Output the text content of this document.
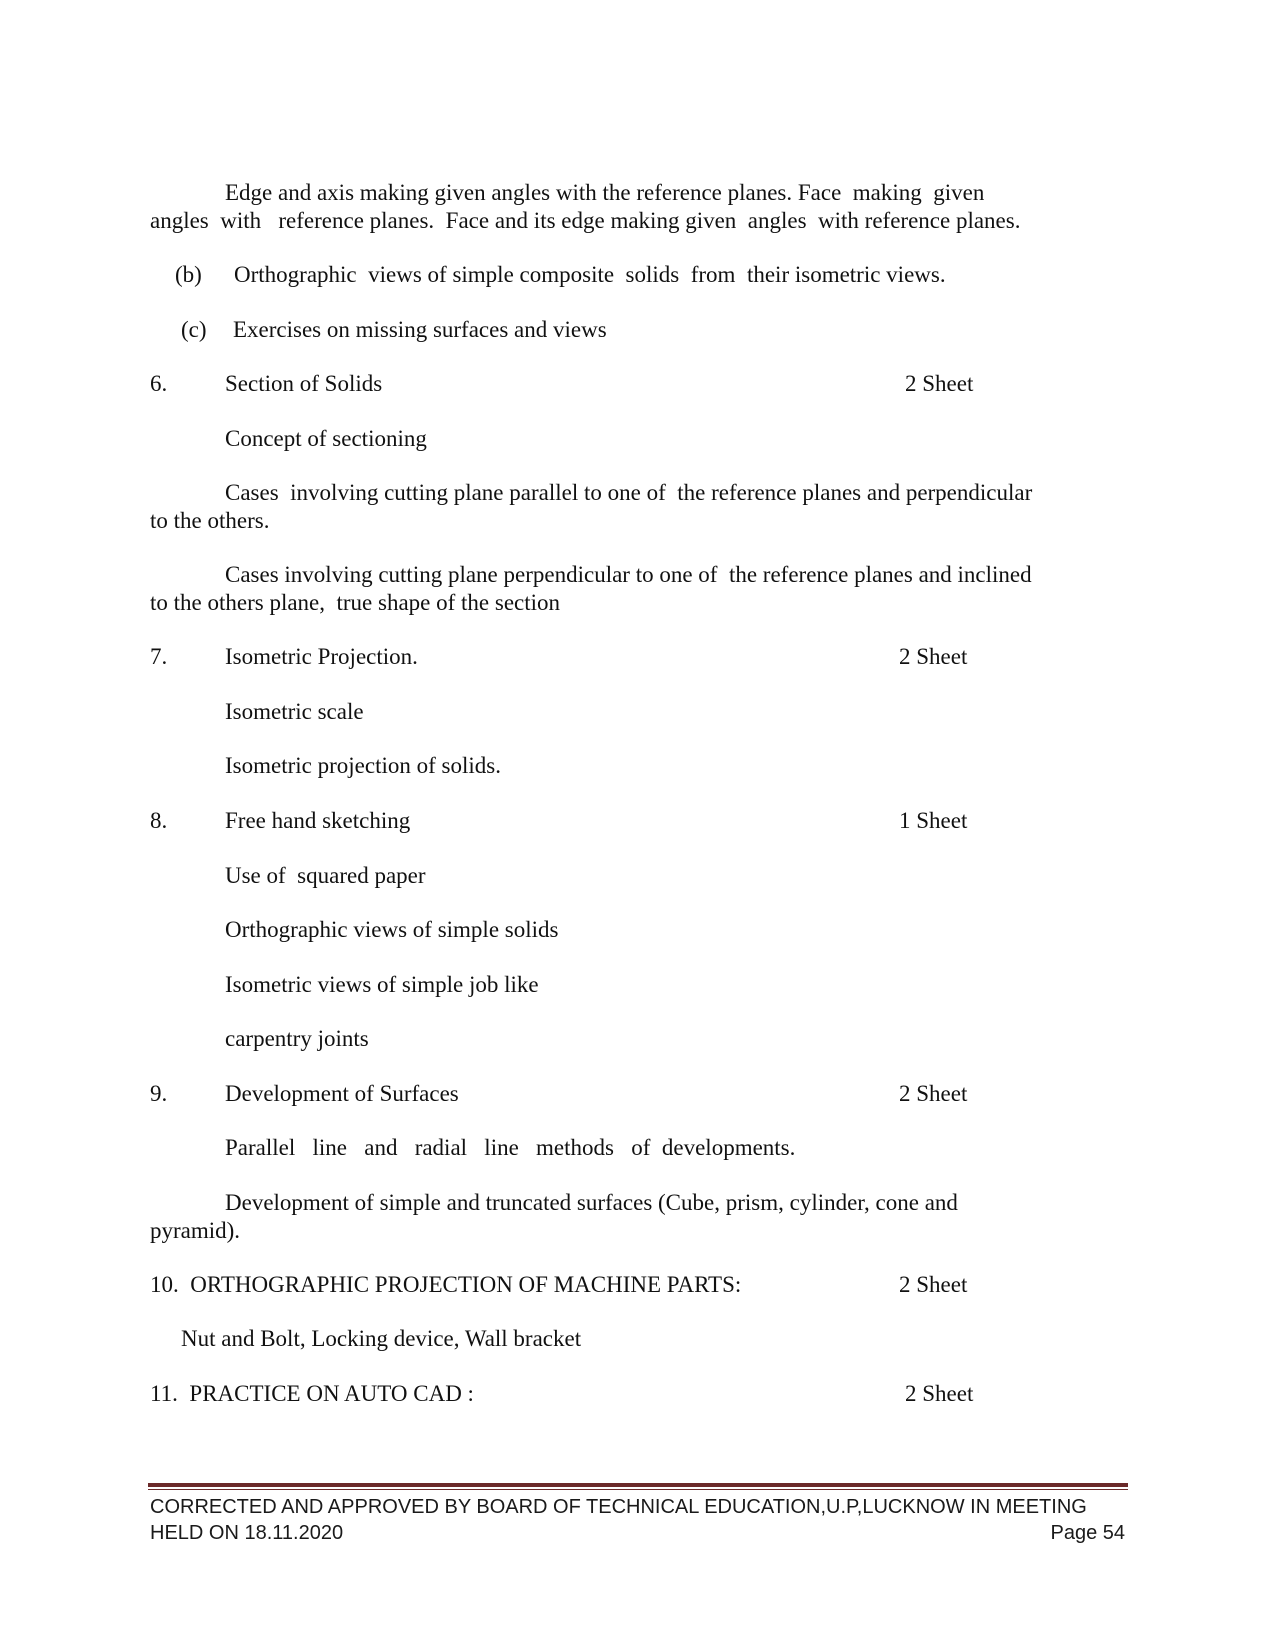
Edge and axis making given angles with the reference planes. Face  making  given
angles  with   reference planes.  Face and its edge making given  angles  with reference planes.
(b) Orthographic  views of simple composite  solids  from  their isometric views.
(c) Exercises on missing surfaces and views
6.	Section of Solids	2 Sheet
Concept of sectioning
Cases  involving cutting plane parallel to one of  the reference planes and perpendicular
to the others.
Cases involving cutting plane perpendicular to one of  the reference planes and inclined
to the others plane,  true shape of the section
7.	Isometric Projection.	2 Sheet
Isometric scale
Isometric projection of solids.
8.	Free hand sketching	1 Sheet
Use of  squared paper
Orthographic views of simple solids
Isometric views of simple job like
carpentry joints
9.	Development of Surfaces	2 Sheet
Parallel   line   and   radial   line   methods   of  developments.
Development of simple and truncated surfaces (Cube, prism, cylinder, cone and
pyramid).
10.  ORTHOGRAPHIC PROJECTION OF MACHINE PARTS:	2 Sheet
Nut and Bolt, Locking device, Wall bracket
11.  PRACTICE ON AUTO CAD :	2 Sheet
CORRECTED AND APPROVED BY BOARD OF TECHNICAL EDUCATION,U.P,LUCKNOW IN MEETING
HELD ON 18.11.2020	Page 54
